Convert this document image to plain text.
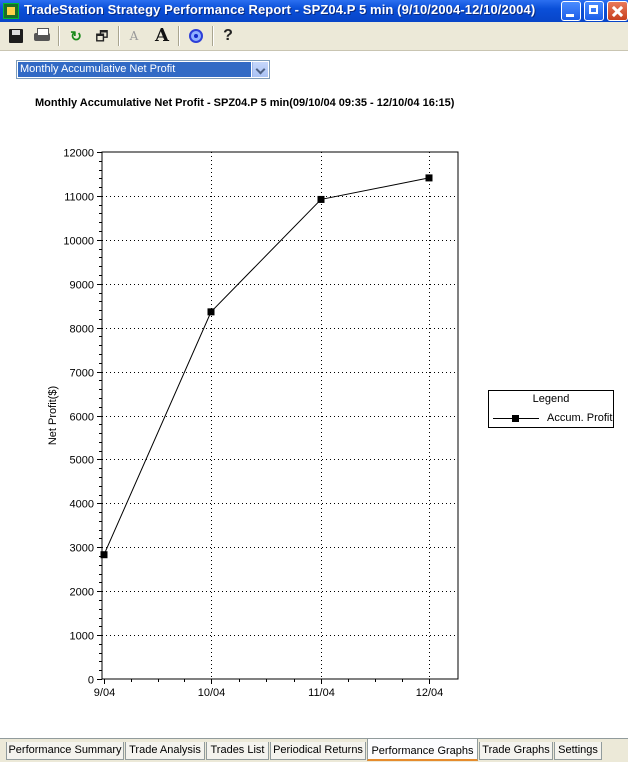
TradeStation Strategy Performance Report - SPZ04.P 5 min (9/10/2004-12/10/2004)
↻ 🗗	A A	?
Monthly Accumulative Net Profit
Monthly Accumulative Net Profit - SPZ04.P 5 min(09/10/04 09:35 - 12/10/04 16:15)
0
1000
2000
3000
4000
5000
6000
7000
8000
9000
10000
11000
12000
9/04	10/04	11/04	12/04
Net Profit($)	Legend
Accum. Profit
Performance Summary Trade Analysis Trades List Periodical Returns Performance Graphs Trade Graphs Settings
